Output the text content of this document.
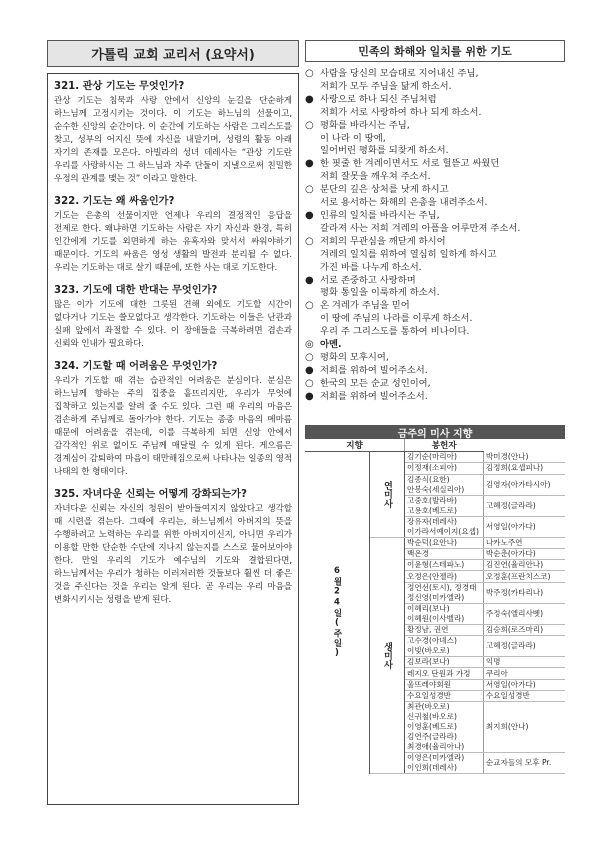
가톨릭 교회 교리서 (요약서)
321. 관상 기도는 무엇인가?
관상 기도는 침묵과 사랑 안에서 신앙의 눈길을 단순하게 하느님께 고정시키는 것이다. 이 기도는 하느님의 선물이고, 순수한 신앙의 순간이다. 이 순간에 기도하는 사람은 그리스도를 찾고, 성부의 어지신 뜻에 자신을 내맡기며, 성령의 활동 아래 자기의 존재를 모은다. 아빌라의 성녀 데레사는 “관상 기도란 우리를 사랑하시는 그 하느님과 자주 단둘이 지낼으로써 친밀한 우정의 관계를 맺는 것” 이라고 말한다.
322. 기도는 왜 싸움인가?
기도는 은총의 선물이지만 언제나 우리의 결정적인 응답을 전제로 한다. 왜냐하면 기도하는 사람은 자기 자신과 환경, 특히 인간에게 기도를 외면하게 하는 유혹자와 맞서서 싸워야하기 때문이다. 기도의 싸움은 영성 생활의 발전과 분리될 수 없다. 우리는 기도하는 대로 살기 때문에, 또한 사는 대로 기도한다.
323. 기도에 대한 반대는 무엇인가?
많은 이가 기도에 대한 그릇된 견해 외에도 기도할 시간이 없다거나 기도는 쓸모없다고 생각한다. 기도하는 이들은 난관과 실패 앞에서 좌절할 수 있다. 이 장애들을 극복하려면 겸손과 신뢰와 인내가 필요하다.
324. 기도할 때 어려움은 무엇인가?
우리가 기도할 때 겪는 습관적인 어려움은 분심이다. 분심은 하느님께 향하는 주의 집중을 흩뜨리지만, 우리가 무엇에 집착하고 있는지를 알려 줄 수도 있다. 그런 때 우리의 마음은 겸손하게 주님께로 돌아가야 한다. 기도는 종종 마음의 메마름 때문에 어려움을 겪는데, 이를 극복하게 되면 신앙 안에서 감각적인 위로 없이도 주님께 매달릴 수 있게 된다. 게으름은 경계심이 감퇴하여 마음이 태만해짐으로써 나타나는 일종의 영적 나태의 한 형태이다.
325. 자녀다운 신뢰는 어떻게 강화되는가?
자녀다운 신뢰는 자신의 청원이 받아들여지지 않았다고 생각할 때 시련을 겪는다. 그때에 우리는, 하느님께서 아버지의 뜻을 수행하려고 노력하는 우리를 위한 아버지이신지, 아니면 우리가 이용할 만한 단순한 수단에 지나지 않는지를 스스로 물어보아야 한다. 만일 우리의 기도가 예수님의 기도와 결합된다면, 하느님께서는 우리가 청하는 이러저러한 것들보다 훨씬 더 좋은 것을 주신다는 것을 우리는 알게 된다. 곧 우리는 우리 마음을 변화시키시는 성령을 받게 된다.
민족의 화해와 일치를 위한 기도
○ 사람을 당신의 모습대로 지어내신 주님,
저희가 모두 주님을 닮게 하소서.
● 사랑으로 하나 되신 주님처럼
저희가 서로 사랑하여 하나 되게 하소서.
○ 평화를 바라시는 주님,
이 나라 이 땅에,
일어버린 평화를 되찾게 하소서.
● 한 핏줄 한 겨레이면서도 서로 헐뜯고 싸웠던
저희 잘못을 깨우쳐 주소서.
○ 분단의 깊은 상처를 낫게 하시고
서로 용서하는 화해의 은총을 내려주소서.
● 인류의 일치를 바라시는 주님,
갈라져 사는 저희 겨레의 아픔을 어루만져 주소서.
○ 저희의 무관심을 깨닫게 하시어
겨레의 일치를 위하여 열심히 일하게 하시고
가진 바를 나누게 하소서.
● 서로 존중하고 사랑하며
평화 통일을 이룩하게 하소서.
○ 온 겨레가 주님을 믿어
이 땅에 주님의 나라를 이루게 하소서.
우리 주 그리스도를 통하여 비나이다.
◎ 아멘.
○ 평화의 모후시여,
● 저희를 위하여 빌어주소서.
○ 한국의 모든 순교 성인이여,
● 저희를 위하여 빌어주소서.
금주의 미사 지향
지향		봉헌자	
6월24일(주일)	연미사	김기순(마리아)	박미경(안나)
		이정재(소피아)	김정희(요셉피나)
		김종식(요한)
안봉숙(세실리아)	김영자(아가타시아)
		고중호(발라바)
고용호(베드로)	고혜정(글라라)
		장유자(데레사)
이가라서예이지(요셉)	서영일(아가다)
	생미사	박순덕(요안나)	나카노주연
		백온경	박순춘(아가다)
		이윤형(스테파노)	김진연(율리안나)
		오정은(안젤라)	오정훈(프란치스코)
		정연선(토시), 정경태
정신영(미카엘라)	박주정(카타리나)
		이혜리(보나)
이혜원(이사벨라)	주정숙(엘리사벳)
		황정남, 권연	김승희(로즈마리)
		고수경(아녜스)
이빛(바오로)	고혜정(글라라)
		김보라(보나)	익명
		레지오 단원과 가정	쿠리아
		울뜨레야회원	서영일(아가다)
		수요일성경반	수요일성경반
		최관(바오로)
신귀철(바오로)
이영훈(베드로)
김연주(글라라)
최경애(율리아나)	최지희(안나)
		이영은(미카엘라)
이인희(데레사)	순교자들의 모후 Pr.
